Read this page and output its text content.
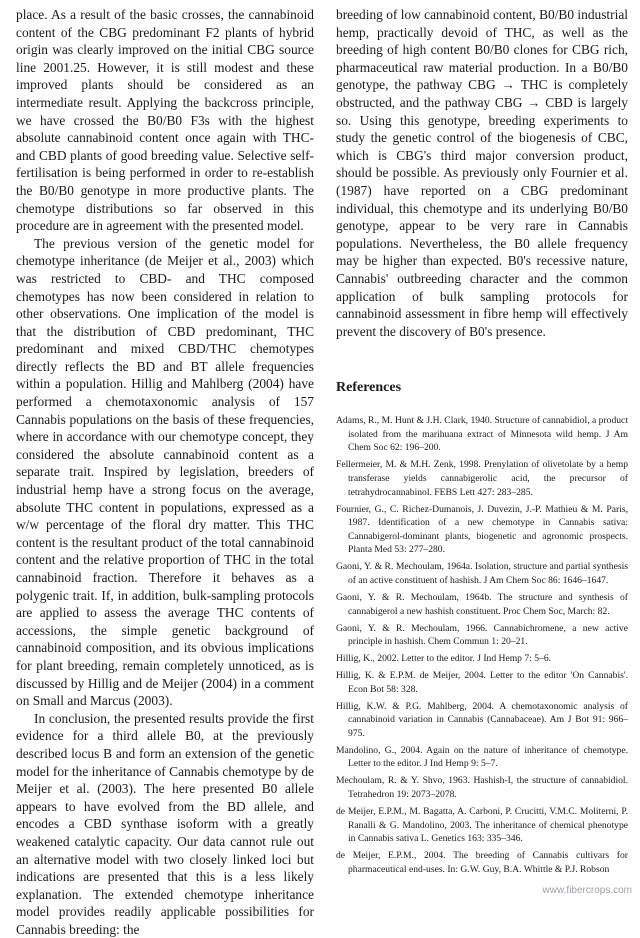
place. As a result of the basic crosses, the cannabinoid content of the CBG predominant F2 plants of hybrid origin was clearly improved on the initial CBG source line 2001.25. However, it is still modest and these improved plants should be considered as an intermediate result. Applying the backcross principle, we have crossed the B0/B0 F3s with the highest absolute cannabinoid content once again with THC- and CBD plants of good breeding value. Selective self-fertilisation is being performed in order to re-establish the B0/B0 genotype in more productive plants. The chemotype distributions so far observed in this procedure are in agreement with the presented model.

The previous version of the genetic model for chemotype inheritance (de Meijer et al., 2003) which was restricted to CBD- and THC composed chemotypes has now been considered in relation to other observations. One implication of the model is that the distribution of CBD predominant, THC predominant and mixed CBD/THC chemotypes directly reflects the BD and BT allele frequencies within a population. Hillig and Mahlberg (2004) have performed a chemotaxonomic analysis of 157 Cannabis populations on the basis of these frequencies, where in accordance with our chemotype concept, they considered the absolute cannabinoid content as a separate trait. Inspired by legislation, breeders of industrial hemp have a strong focus on the average, absolute THC content in populations, expressed as a w/w percentage of the floral dry matter. This THC content is the resultant product of the total cannabinoid content and the relative proportion of THC in the total cannabinoid fraction. Therefore it behaves as a polygenic trait. If, in addition, bulk-sampling protocols are applied to assess the average THC contents of accessions, the simple genetic background of cannabinoid composition, and its obvious implications for plant breeding, remain completely unnoticed, as is discussed by Hillig and de Meijer (2004) in a comment on Small and Marcus (2003).

In conclusion, the presented results provide the first evidence for a third allele B0, at the previously described locus B and form an extension of the genetic model for the inheritance of Cannabis chemotype by de Meijer et al. (2003). The here presented B0 allele appears to have evolved from the BD allele, and encodes a CBD synthase isoform with a greatly weakened catalytic capacity. Our data cannot rule out an alternative model with two closely linked loci but indications are presented that this is a less likely explanation. The extended chemotype inheritance model provides readily applicable possibilities for Cannabis breeding: the

breeding of low cannabinoid content, B0/B0 industrial hemp, practically devoid of THC, as well as the breeding of high content B0/B0 clones for CBG rich, pharmaceutical raw material production. In a B0/B0 genotype, the pathway CBG → THC is completely obstructed, and the pathway CBG → CBD is largely so. Using this genotype, breeding experiments to study the genetic control of the biogenesis of CBC, which is CBG's third major conversion product, should be possible. As previously only Fournier et al. (1987) have reported on a CBG predominant individual, this chemotype and its underlying B0/B0 genotype, appear to be very rare in Cannabis populations. Nevertheless, the B0 allele frequency may be higher than expected. B0's recessive nature, Cannabis' outbreeding character and the common application of bulk sampling protocols for cannabinoid assessment in fibre hemp will effectively prevent the discovery of B0's presence.

References

Adams, R., M. Hunt & J.H. Clark, 1940. Structure of cannabidiol, a product isolated from the marihuana extract of Minnesota wild hemp. J Am Chem Soc 62: 196–200.

Fellermeier, M. & M.H. Zenk, 1998. Prenylation of olivetolate by a hemp transferase yields cannabigerolic acid, the precursor of tetrahydrocannabinol. FEBS Lett 427: 283–285.

Fournier, G., C. Richez-Dumanois, J. Duvezin, J.-P. Mathieu & M. Paris, 1987. Identification of a new chemotype in Cannabis sativa: Cannabigerol-dominant plants, biogenetic and agronomic prospects. Planta Med 53: 277–280.

Gaoni, Y. & R. Mechoulam, 1964a. Isolation, structure and partial synthesis of an active constituent of hashish. J Am Chem Soc 86: 1646–1647.

Gaoni, Y. & R. Mechoulam, 1964b. The structure and synthesis of cannabigerol a new hashish constituent. Proc Chem Soc, March: 82.

Gaoni, Y. & R. Mechoulam, 1966. Cannabichromene, a new active principle in hashish. Chem Commun 1: 20–21.

Hillig, K., 2002. Letter to the editor. J Ind Hemp 7: 5–6.

Hillig, K. & E.P.M. de Meijer, 2004. Letter to the editor 'On Cannabis'. Econ Bot 58: 328.

Hillig, K.W. & P.G. Mahlberg, 2004. A chemotaxonomic analysis of cannabinoid variation in Cannabis (Cannabaceae). Am J Bot 91: 966–975.

Mandolino, G., 2004. Again on the nature of inheritance of chemotype. Letter to the editor. J Ind Hemp 9: 5–7.

Mechoulam, R. & Y. Shvo, 1963. Hashish-I, the structure of cannabidiol. Tetrahedron 19: 2073–2078.

de Meijer, E.P.M., M. Bagatta, A. Carboni, P. Crucitti, V.M.C. Moliterni, P. Ranalli & G. Mandolino, 2003. The inheritance of chemical phenotype in Cannabis sativa L. Genetics 163: 335–346.

de Meijer, E.P.M., 2004. The breeding of Cannabis cultivars for pharmaceutical end-uses. In: G.W. Guy, B.A. Whittle & P.J. Robson

www.fibercrops.com
